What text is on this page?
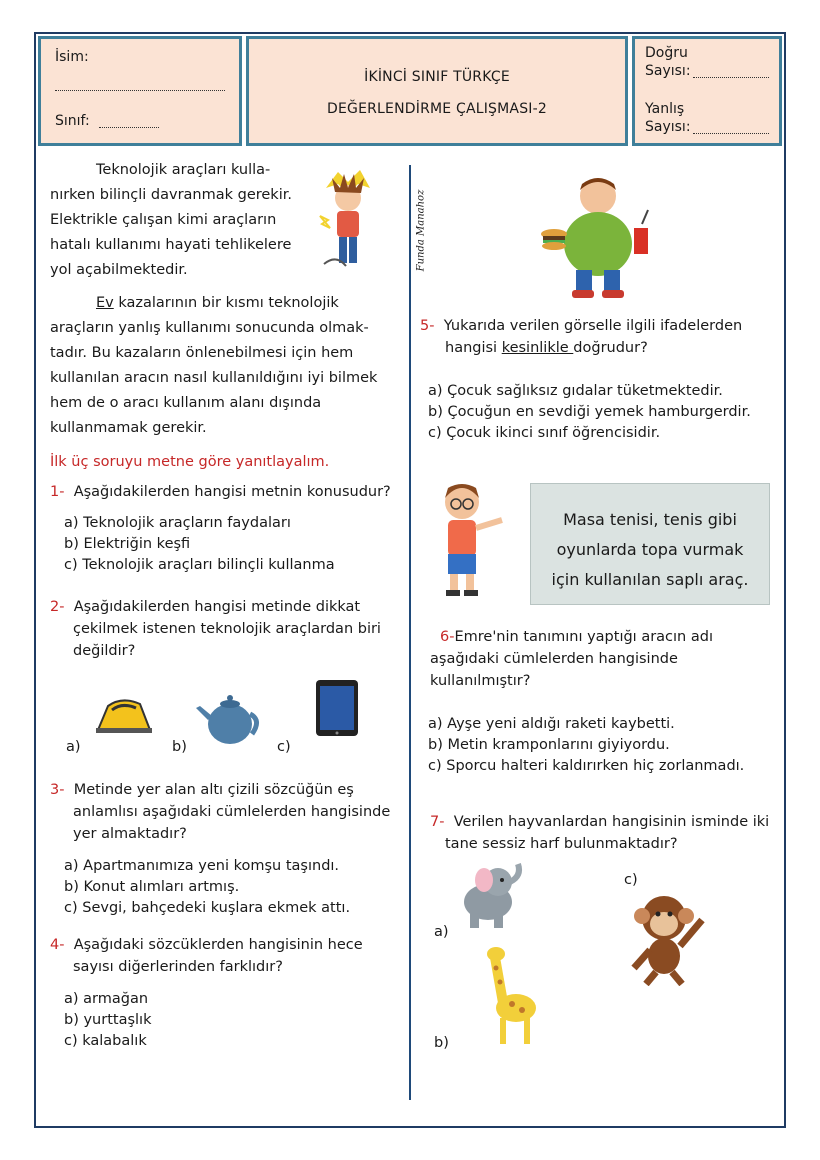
İsim:
Sınıf:
İKİNCİ SINIF TÜRKÇE
DEĞERLENDİRME ÇALIŞMASI-2
Doğru
Sayısı:
Yanlış
Sayısı:
Teknolojik araçları kulla-
nırken bilinçli davranmak gerekir.
Elektrikle çalışan kimi araçların
hatalı kullanımı hayati tehlikelere
yol açabilmektedir.	Funda Manahoz
Ev kazalarının bir kısmı teknolojik
araçların yanlış kullanımı sonucunda olmak-
tadır. Bu kazaların önlenebilmesi için hem
kullanılan aracın nasıl kullanıldığını iyi bilmek
hem de o aracı kullanım alanı dışında
kullanmamak gerekir.
İlk üç soruyu metne göre yanıtlayalım.
1- Aşağıdakilerden hangisi metnin konusudur?
a) Teknolojik araçların faydaları
b) Elektriğin keşfi
c) Teknolojik araçları bilinçli kullanma
2- Aşağıdakilerden hangisi metinde dikkat
çekilmek istenen teknolojik araçlardan biri
değildir?
a)	b)	c)
3- Metinde yer alan altı çizili sözcüğün eş
anlamlısı aşağıdaki cümlelerden hangisinde
yer almaktadır?
a) Apartmanımıza yeni komşu taşındı.
b) Konut alımları artmış.
c) Sevgi, bahçedeki kuşlara ekmek attı.
4- Aşağıdaki sözcüklerden hangisinin hece
sayısı diğerlerinden farklıdır?
a) armağan
b) yurttaşlık
c) kalabalık
5- Yukarıda verilen görselle ilgili ifadelerden
hangisi kesinlikle doğrudur?
a) Çocuk sağlıksız gıdalar tüketmektedir.
b) Çocuğun en sevdiği yemek hamburgerdir.
c) Çocuk ikinci sınıf öğrencisidir.
Masa tenisi, tenis gibi
oyunlarda topa vurmak
için kullanılan saplı araç.
6-Emre'nin tanımını yaptığı aracın adı
aşağıdaki cümlelerden hangisinde
kullanılmıştır?
a) Ayşe yeni aldığı raketi kaybetti.
b) Metin kramponlarını giyiyordu.
c) Sporcu halteri kaldırırken hiç zorlanmadı.
7- Verilen hayvanlardan hangisinin isminde iki
tane sessiz harf bulunmaktadır?
a)
b)
c)
